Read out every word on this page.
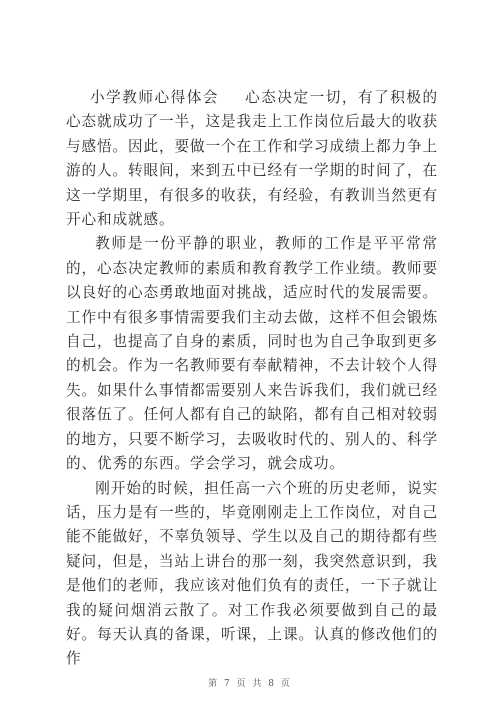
小学教师心得体会 心态决定一切，有了积极的心态就成功了一半，这是我走上工作岗位后最大的收获与感悟。因此，要做一个在工作和学习成绩上都力争上游的人。转眼间，来到五中已经有一学期的时间了，在这一学期里，有很多的收获，有经验，有教训当然更有开心和成就感。

教师是一份平静的职业，教师的工作是平平常常的，心态决定教师的素质和教育教学工作业绩。教师要以良好的心态勇敢地面对挑战，适应时代的发展需要。工作中有很多事情需要我们主动去做，这样不但会锻炼自己，也提高了自身的素质，同时也为自己争取到更多的机会。作为一名教师要有奉献精神，不去计较个人得失。如果什么事情都需要别人来告诉我们，我们就已经很落伍了。任何人都有自己的缺陷，都有自己相对较弱的地方，只要不断学习，去吸收时代的、别人的、科学的、优秀的东西。学会学习，就会成功。

刚开始的时候，担任高一六个班的历史老师，说实话，压力是有一些的，毕竟刚刚走上工作岗位，对自己能不能做好，不辜负领导、学生以及自己的期待都有些疑问，但是，当站上讲台的那一刻，我突然意识到，我是他们的老师，我应该对他们负有的责任，一下子就让我的疑问烟消云散了。对工作我必须要做到自己的最好。每天认真的备课，听课，上课。认真的修改他们的作

第 7 页 共 8 页
